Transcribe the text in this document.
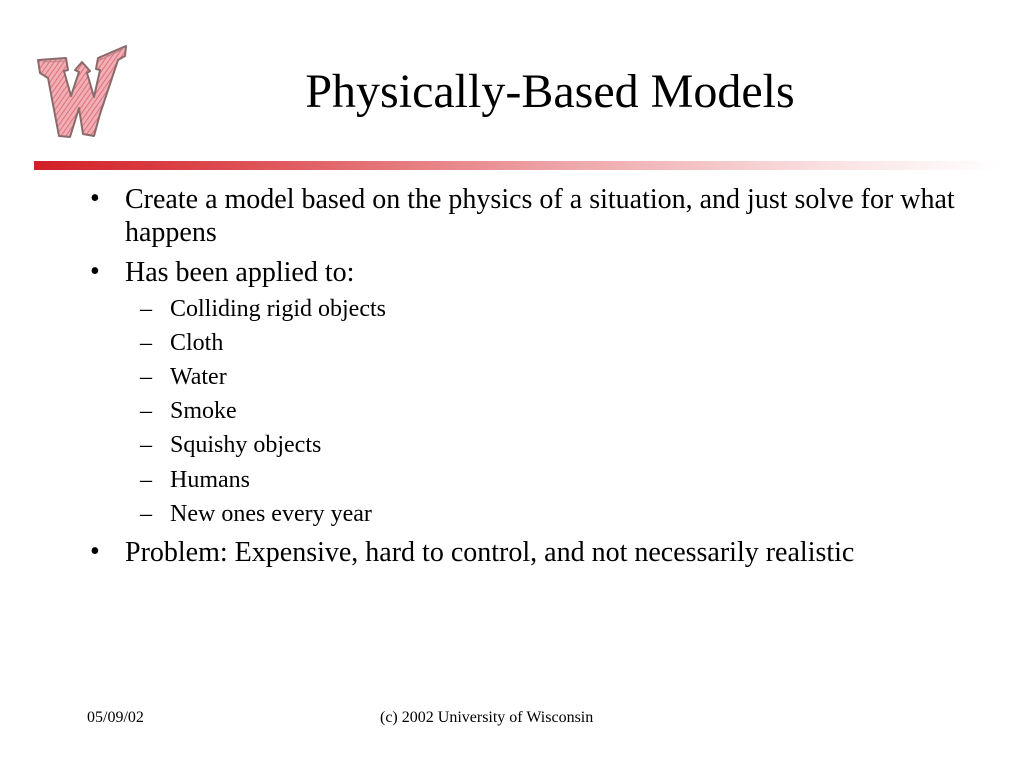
Physically-Based Models
• Create a model based on the physics of a situation, and just solve for what happens
• Has been applied to:
– Colliding rigid objects
– Cloth
– Water
– Smoke
– Squishy objects
– Humans
– New ones every year
• Problem: Expensive, hard to control, and not necessarily realistic
05/09/02	(c) 2002 University of Wisconsin
